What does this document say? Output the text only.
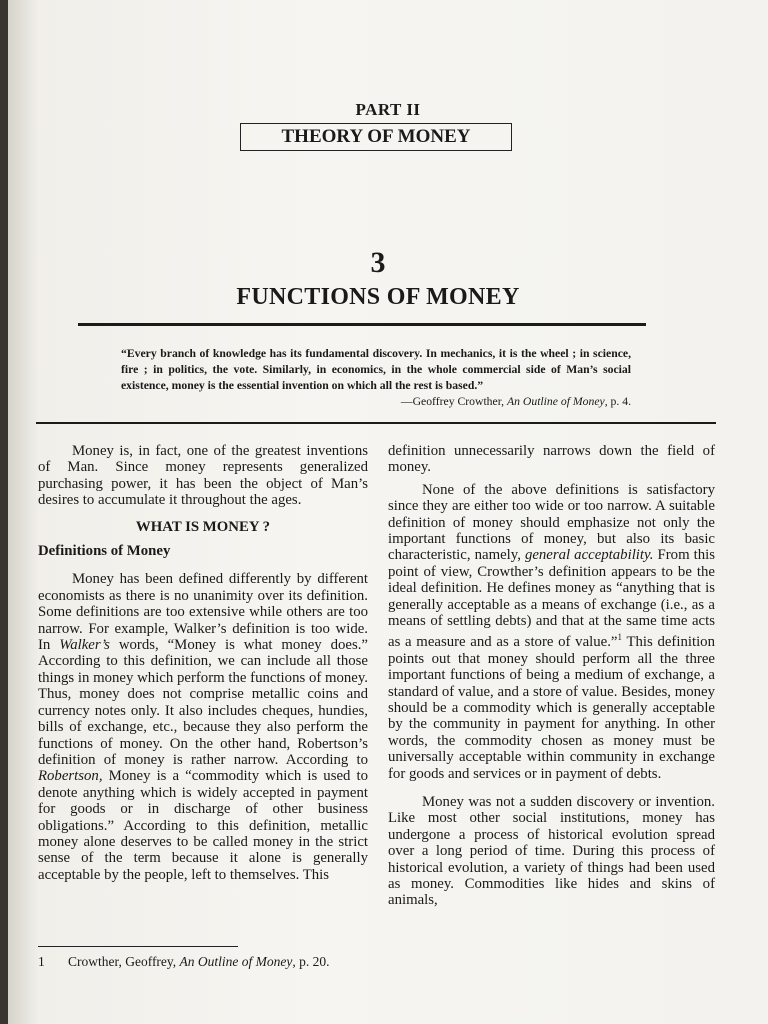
PART II
THEORY OF MONEY
3
FUNCTIONS OF MONEY
“Every branch of knowledge has its fundamental discovery. In mechanics, it is the wheel ; in science, fire ; in politics, the vote. Similarly, in economics, in the whole commercial side of Man’s social existence, money is the essential invention on which all the rest is based.”
—Geoffrey Crowther, An Outline of Money, p. 4.

Money is, in fact, one of the greatest inventions of Man. Since money represents generalized purchasing power, it has been the object of Man’s desires to accumulate it throughout the ages.

WHAT IS MONEY ?
Definitions of Money

Money has been defined differently by different economists as there is no unanimity over its definition. Some definitions are too extensive while others are too narrow. For example, Walker’s definition is too wide. In Walker’s words, “Money is what money does.” According to this definition, we can include all those things in money which perform the functions of money. Thus, money does not comprise metallic coins and currency notes only. It also includes cheques, hundies, bills of exchange, etc., because they also perform the functions of money. On the other hand, Robertson’s definition of money is rather narrow. According to Robertson, Money is a “commodity which is used to denote anything which is widely accepted in payment for goods or in discharge of other business obligations.” According to this definition, metallic money alone deserves to be called money in the strict sense of the term because it alone is generally acceptable by the people, left to themselves. This

definition unnecessarily narrows down the field of money.

None of the above definitions is satisfactory since they are either too wide or too narrow. A suitable definition of money should emphasize not only the important functions of money, but also its basic characteristic, namely, general acceptability. From this point of view, Crowther’s definition appears to be the ideal definition. He defines money as “anything that is generally acceptable as a means of exchange (i.e., as a means of settling debts) and that at the same time acts as a measure and as a store of value.”$^1$ This definition points out that money should perform all the three important functions of being a medium of exchange, a standard of value, and a store of value. Besides, money should be a commodity which is generally acceptable by the community in payment for anything. In other words, the commodity chosen as money must be universally acceptable within community in exchange for goods and services or in payment of debts.

Money was not a sudden discovery or invention. Like most other social institutions, money has undergone a process of historical evolution spread over a long period of time. During this process of historical evolution, a variety of things had been used as money. Commodities like hides and skins of animals,

1 Crowther, Geoffrey, An Outline of Money, p. 20.
